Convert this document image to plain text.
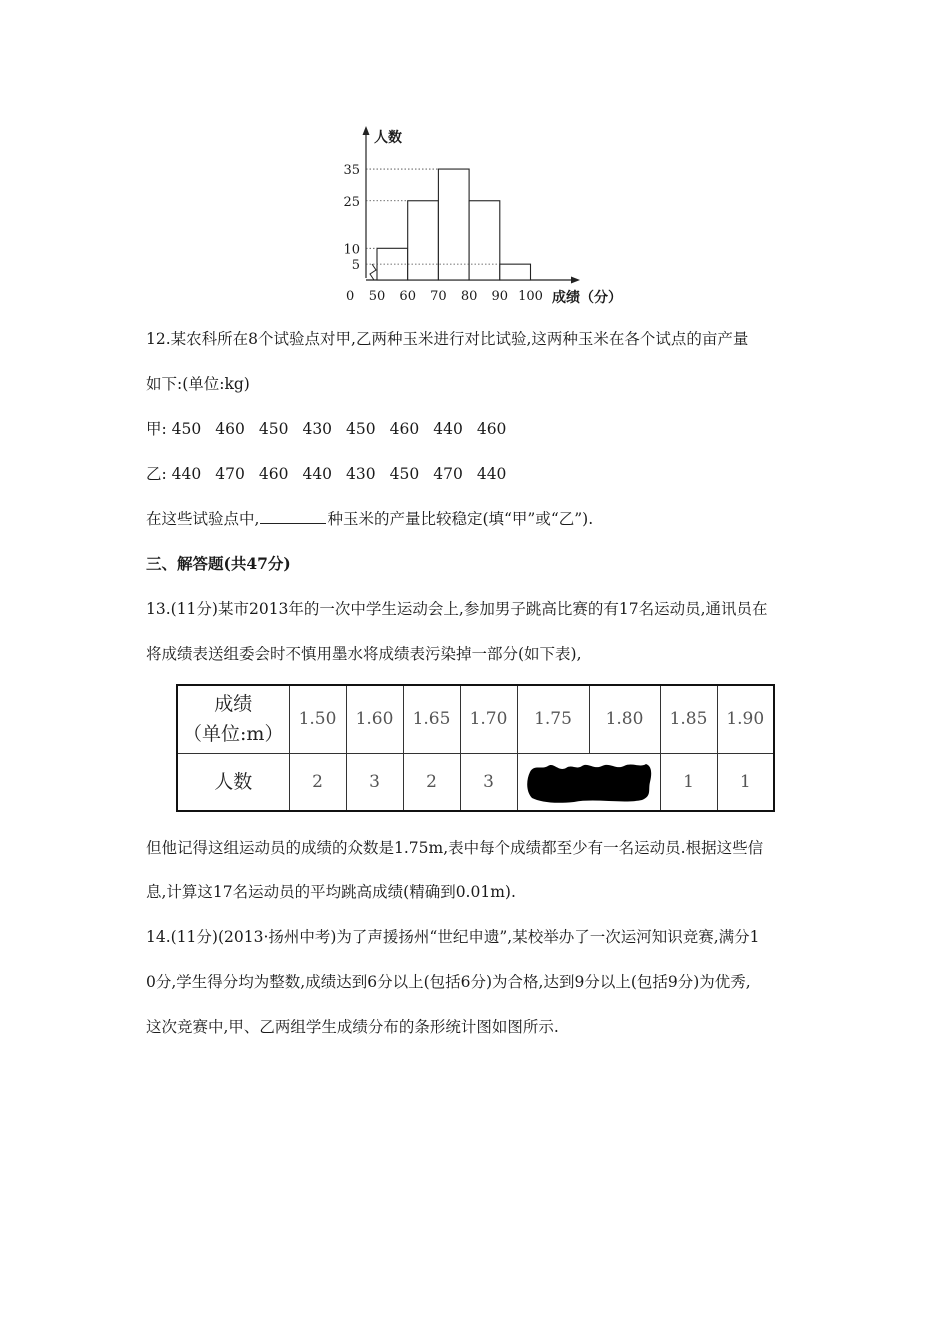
5
10
25
35
50 60 70 80 90 100
人数
成绩（分）
0
12.某农科所在8个试验点对甲,乙两种玉米进行对比试验,这两种玉米在各个试点的亩产量
如下:(单位:kg)
甲: 450 460 450 430 450 460 440 460
乙: 440 470 460 440 430 450 470 440
在这些试验点中,	种玉米的产量比较稳定(填“甲”或“乙”).
三、解答题(共47分)
13.(11分)某市2013年的一次中学生运动会上,参加男子跳高比赛的有17名运动员,通讯员在
将成绩表送组委会时不慎用墨水将成绩表污染掉一部分(如下表),
成绩
（单位:m）	1.50	1.60	1.65	1.70	1.75	1.80	1.85	1.90
人数	2	3	2	3			1	1
但他记得这组运动员的成绩的众数是1.75m,表中每个成绩都至少有一名运动员.根据这些信
息,计算这17名运动员的平均跳高成绩(精确到0.01m).
14.(11分)(2013·扬州中考)为了声援扬州“世纪申遗”,某校举办了一次运河知识竞赛,满分1
0分,学生得分均为整数,成绩达到6分以上(包括6分)为合格,达到9分以上(包括9分)为优秀,
这次竞赛中,甲、乙两组学生成绩分布的条形统计图如图所示.
